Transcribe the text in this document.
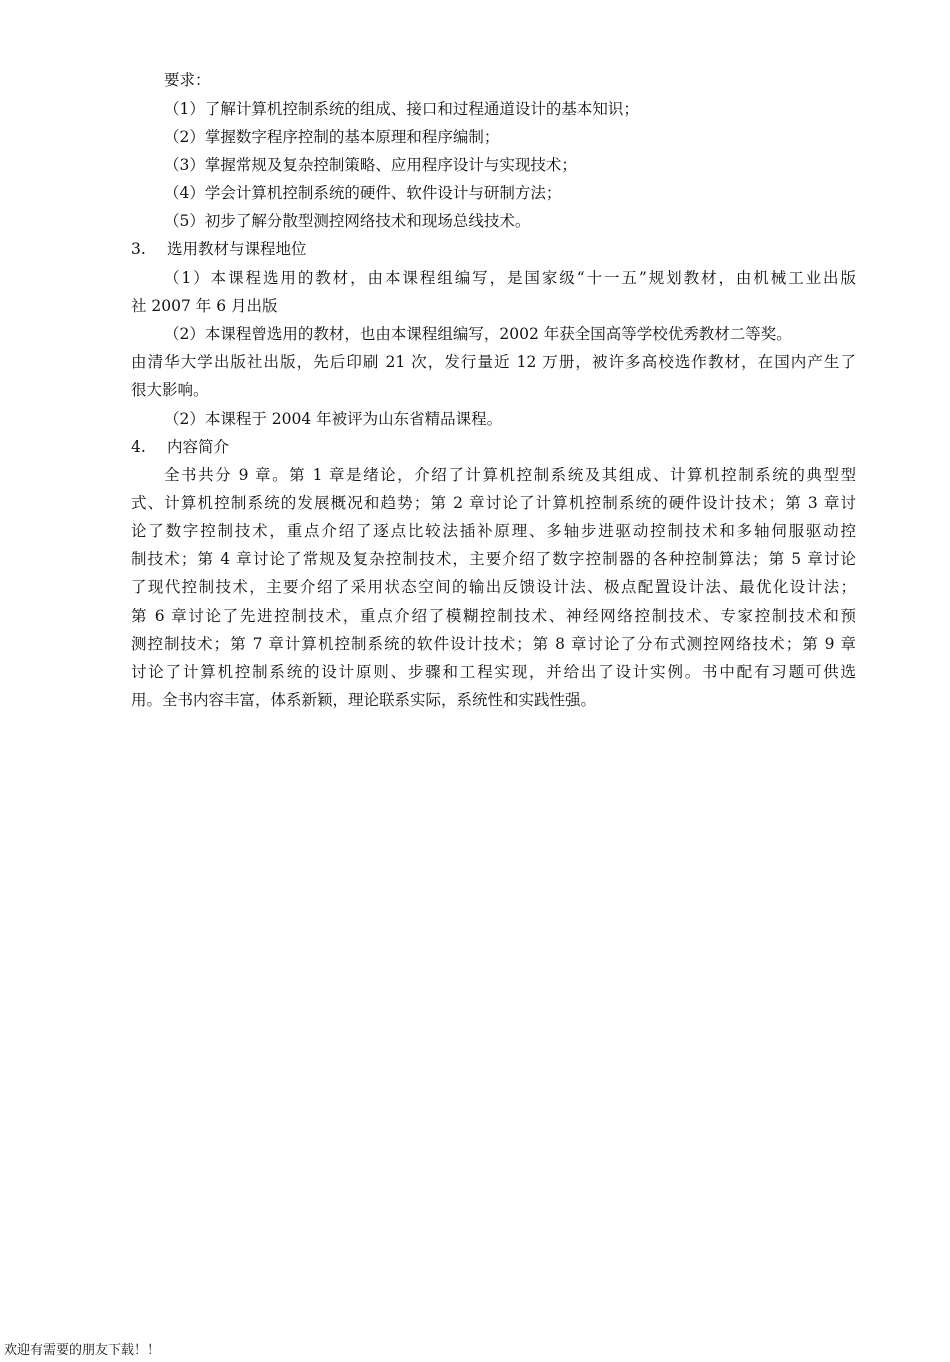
要求：
（1）了解计算机控制系统的组成、接口和过程通道设计的基本知识；
（2）掌握数字程序控制的基本原理和程序编制；
（3）掌握常规及复杂控制策略、应用程序设计与实现技术；
（4）学会计算机控制系统的硬件、软件设计与研制方法；
（5）初步了解分散型测控网络技术和现场总线技术。
3. 选用教材与课程地位
（1）本课程选用的教材，由本课程组编写，是国家级“十一五”规划教材，由机械工业出版
社 2007 年 6 月出版
（2）本课程曾选用的教材，也由本课程组编写，2002 年获全国高等学校优秀教材二等奖。
由清华大学出版社出版，先后印刷 21 次，发行量近 12 万册，被许多高校选作教材，在国内产生了
很大影响。
（2）本课程于 2004 年被评为山东省精品课程。
4. 内容简介
全书共分 9 章。第 1 章是绪论，介绍了计算机控制系统及其组成、计算机控制系统的典型型
式、计算机控制系统的发展概况和趋势；第 2 章讨论了计算机控制系统的硬件设计技术；第 3 章讨
论了数字控制技术，重点介绍了逐点比较法插补原理、多轴步进驱动控制技术和多轴伺服驱动控
制技术；第 4 章讨论了常规及复杂控制技术，主要介绍了数字控制器的各种控制算法；第 5 章讨论
了现代控制技术，主要介绍了采用状态空间的输出反馈设计法、极点配置设计法、最优化设计法；
第 6 章讨论了先进控制技术，重点介绍了模糊控制技术、神经网络控制技术、专家控制技术和预
测控制技术；第 7 章计算机控制系统的软件设计技术；第 8 章讨论了分布式测控网络技术；第 9 章
讨论了计算机控制系统的设计原则、步骤和工程实现，并给出了设计实例。书中配有习题可供选
用。全书内容丰富，体系新颖，理论联系实际，系统性和实践性强。
欢迎有需要的朋友下载！！
